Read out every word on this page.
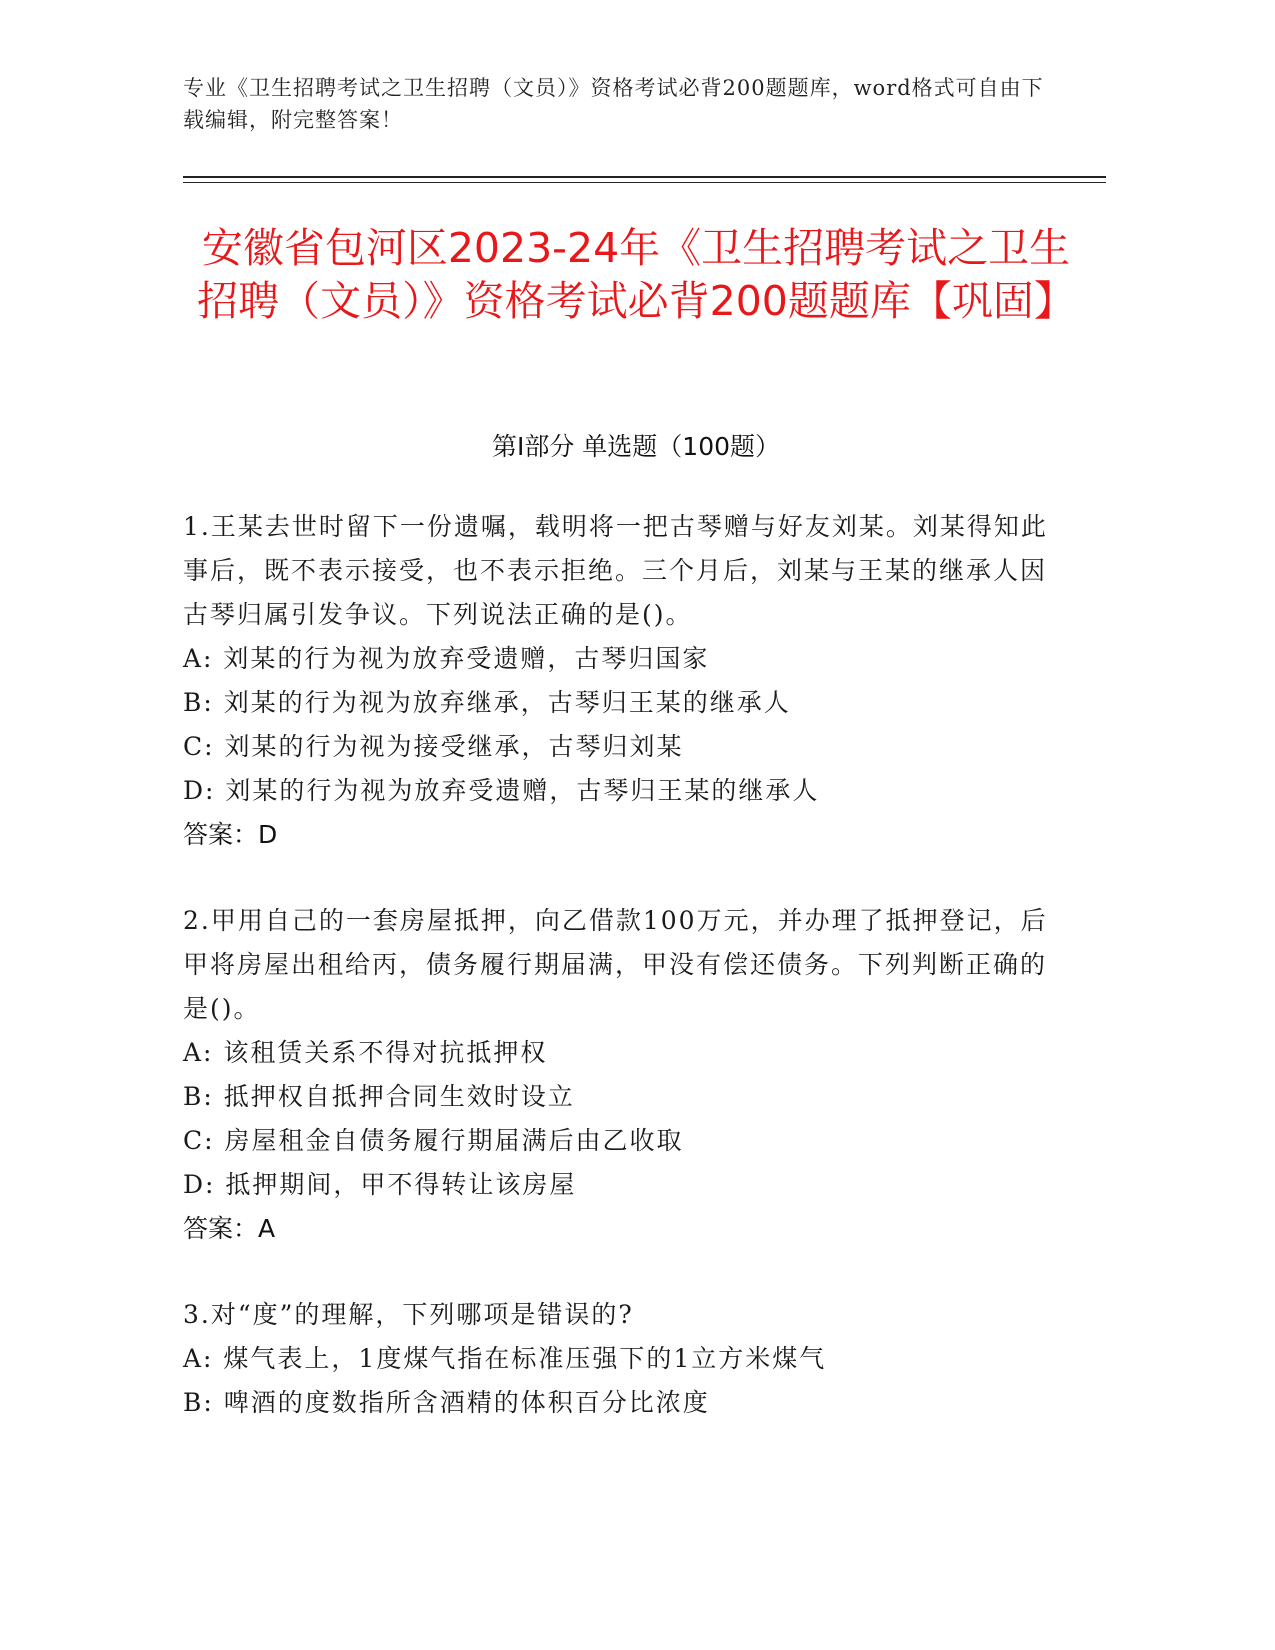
专业《卫生招聘考试之卫生招聘（文员）》资格考试必背200题题库，word格式可自由下载编辑，附完整答案！
安徽省包河区2023-24年《卫生招聘考试之卫生招聘（文员）》资格考试必背200题题库【巩固】
第I部分 单选题（100题）
1.王某去世时留下一份遗嘱，载明将一把古琴赠与好友刘某。刘某得知此事后，既不表示接受，也不表示拒绝。三个月后，刘某与王某的继承人因古琴归属引发争议。下列说法正确的是()。
A: 刘某的行为视为放弃受遗赠，古琴归国家
B: 刘某的行为视为放弃继承，古琴归王某的继承人
C: 刘某的行为视为接受继承，古琴归刘某
D: 刘某的行为视为放弃受遗赠，古琴归王某的继承人
答案：D
2.甲用自己的一套房屋抵押，向乙借款100万元，并办理了抵押登记，后甲将房屋出租给丙，债务履行期届满，甲没有偿还债务。下列判断正确的是()。
A: 该租赁关系不得对抗抵押权
B: 抵押权自抵押合同生效时设立
C: 房屋租金自债务履行期届满后由乙收取
D: 抵押期间，甲不得转让该房屋
答案：A
3.对“度”的理解，下列哪项是错误的?
A: 煤气表上，1度煤气指在标准压强下的1立方米煤气
B: 啤酒的度数指所含酒精的体积百分比浓度
